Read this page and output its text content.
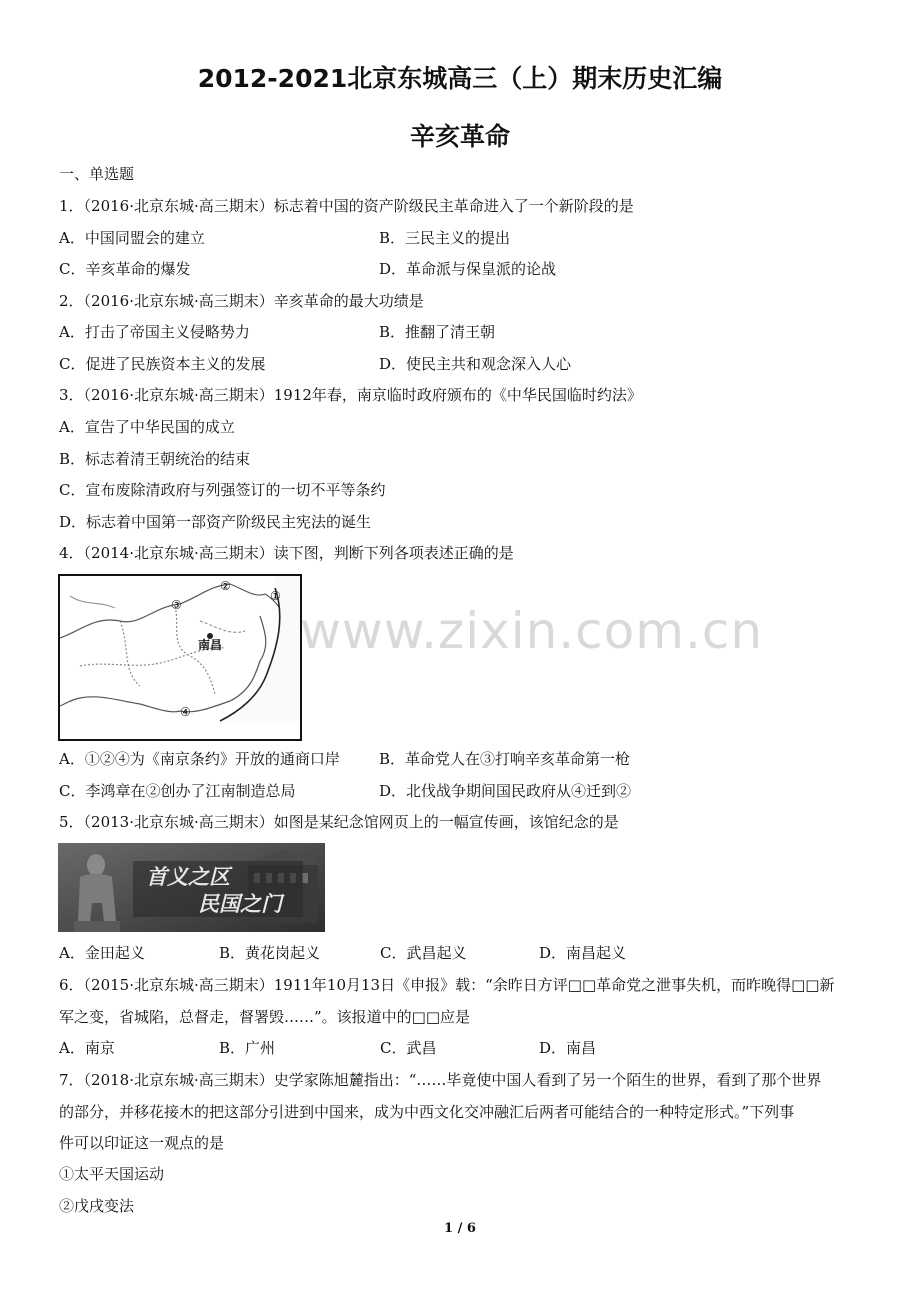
2012-2021北京东城高三（上）期末历史汇编
辛亥革命
一、单选题
1．（2016·北京东城·高三期末）标志着中国的资产阶级民主革命进入了一个新阶段的是
A．中国同盟会的建立	B．三民主义的提出
C．辛亥革命的爆发	D．革命派与保皇派的论战
2．（2016·北京东城·高三期末）辛亥革命的最大功绩是
A．打击了帝国主义侵略势力	B．推翻了清王朝
C．促进了民族资本主义的发展	D．使民主共和观念深入人心
3．（2016·北京东城·高三期末）1912年春，南京临时政府颁布的《中华民国临时约法》
A．宣告了中华民国的成立
B．标志着清王朝统治的结束
C．宣布废除清政府与列强签订的一切不平等条约
D．标志着中国第一部资产阶级民主宪法的诞生
4．（2014·北京东城·高三期末）读下图，判断下列各项表述正确的是
②
①
③
④
南昌 www.zixin.com.cn
A．①②④为《南京条约》开放的通商口岸	B．革命党人在③打响辛亥革命第一枪
C．李鸿章在②创办了江南制造总局	D．北伐战争期间国民政府从④迁到②
5．（2013·北京东城·高三期末）如图是某纪念馆网页上的一幅宣传画，该馆纪念的是
首义之区
民国之门
A．金田起义	B．黄花岗起义	C．武昌起义	D．南昌起义
6．（2015·北京东城·高三期末）1911年10月13日《申报》载：“余昨日方评□□革命党之泄事失机，而昨晚得□□新
军之变，省城陷，总督走，督署毁……”。该报道中的□□应是
A．南京	B．广州	C．武昌	D．南昌
7．（2018·北京东城·高三期末）史学家陈旭麓指出：“……毕竟使中国人看到了另一个陌生的世界，看到了那个世界
的部分，并移花接木的把这部分引进到中国来，成为中西文化交冲融汇后两者可能结合的一种特定形式。”下列事
件可以印证这一观点的是
①太平天国运动
②戊戌变法
1 / 6
